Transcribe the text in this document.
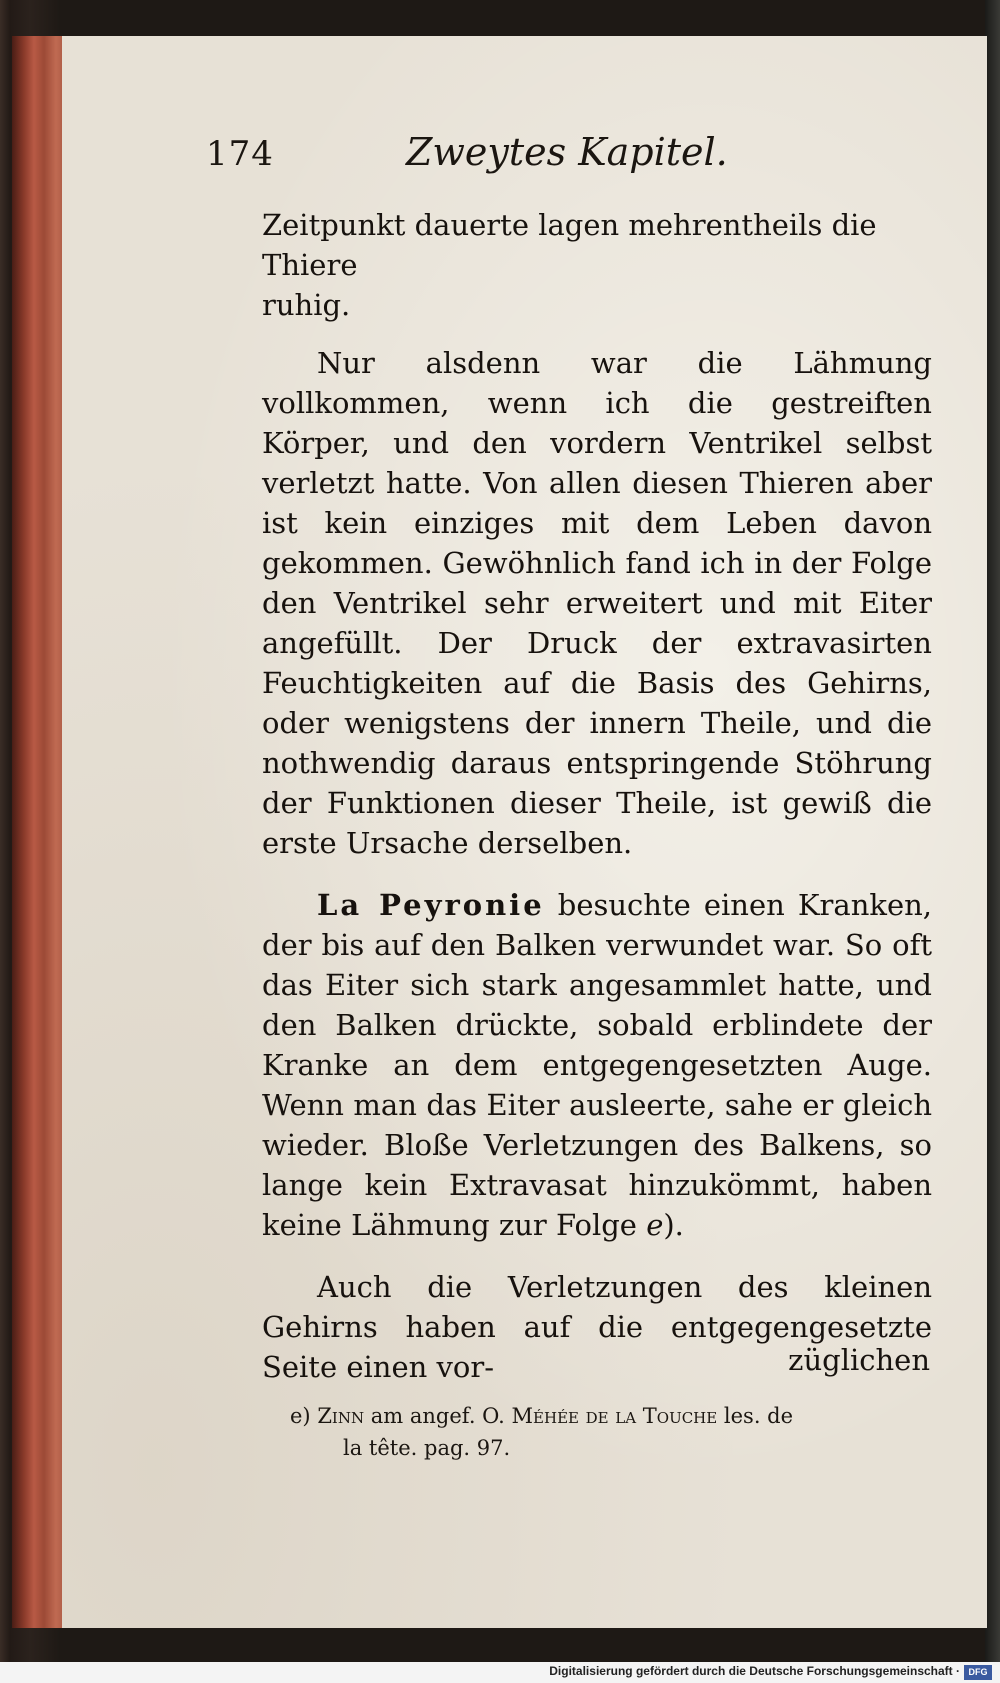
174	Zweytes Kapitel.

Zeitpunkt dauerte lagen mehrentheils die Thiere
ruhig.

Nur alsdenn war die Lähmung vollkommen, wenn ich die gestreiften Körper, und den vordern Ventrikel selbst verletzt hatte. Von allen diesen Thieren aber ist kein einziges mit dem Leben davon gekommen. Gewöhnlich fand ich in der Folge den Ventrikel sehr erweitert und mit Eiter angefüllt. Der Druck der extravasirten Feuchtigkeiten auf die Basis des Gehirns, oder wenigstens der innern Theile, und die nothwendig daraus entspringende Stöhrung der Funktionen dieser Theile, ist gewiß die erste Ursache derselben.

La Peyronie besuchte einen Kranken, der bis auf den Balken verwundet war. So oft das Eiter sich stark angesammlet hatte, und den Balken drückte, sobald erblindete der Kranke an dem entgegengesetzten Auge. Wenn man das Eiter ausleerte, sahe er gleich wieder. Bloße Verletzungen des Balkens, so lange kein Extravasat hinzukömmt, haben keine Lähmung zur Folge e).

Auch die Verletzungen des kleinen Gehirns haben auf die entgegengesetzte Seite einen vor-	züglichen
e) Zinn am angef. O. Méhée de la Touche les. de
la tête. pag. 97.
Digitalisierung gefördert durch die Deutsche Forschungsgemeinschaft · DFG
